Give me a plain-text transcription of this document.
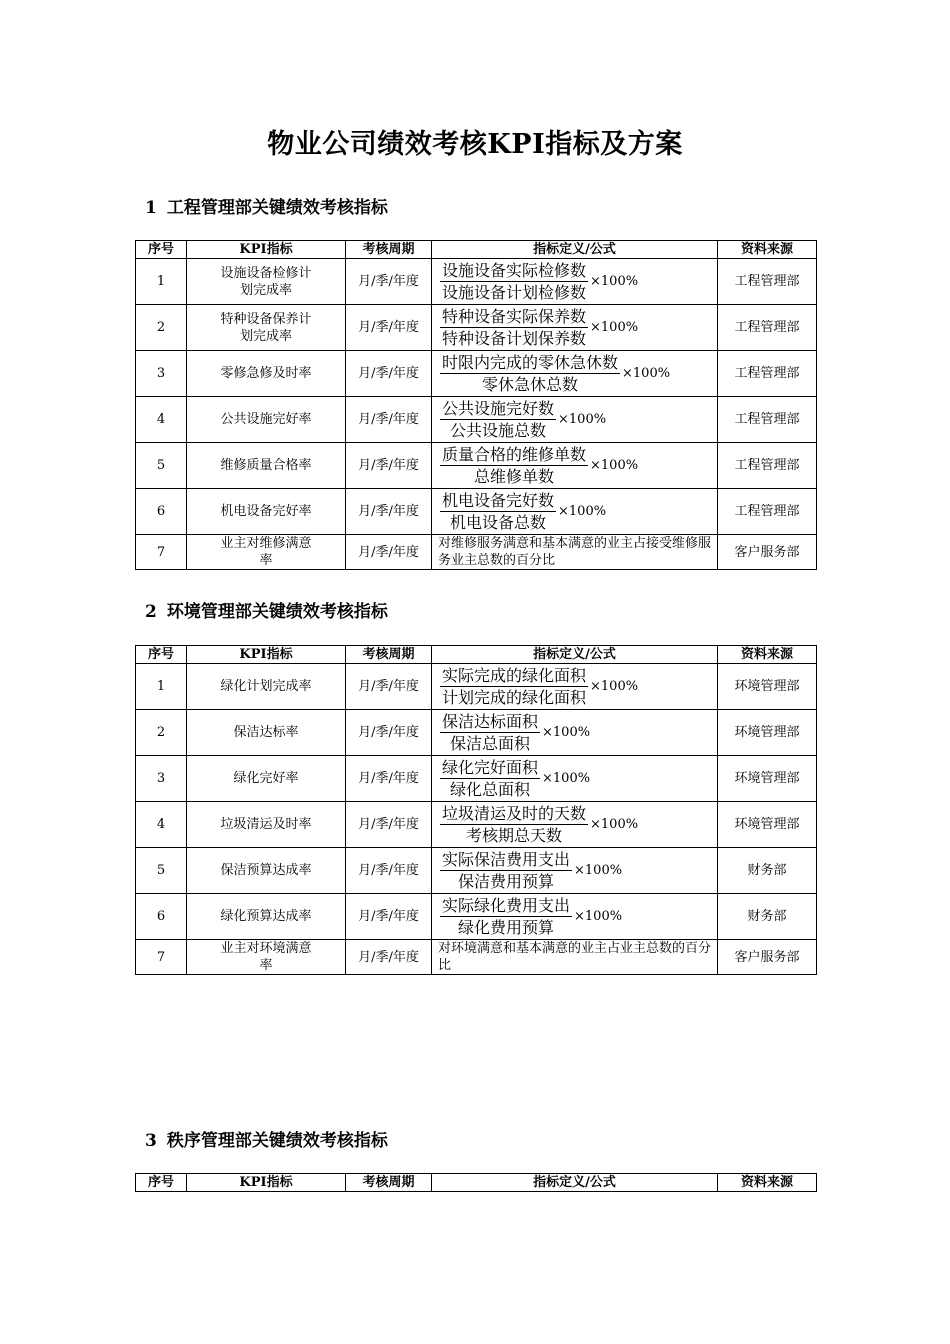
物业公司绩效考核KPI指标及方案
1 工程管理部关键绩效考核指标
序号	KPI指标	考核周期	指标定义/公式	资料来源
1	设施设备检修计划完成率	月/季/年度	$\frac{\text{设施设备实际检修数}}{\text{设施设备计划检修数}} \times 100\%$	工程管理部
2	特种设备保养计划完成率	月/季/年度	$\frac{\text{特种设备实际保养数}}{\text{特种设备计划保养数}} \times 100\%$	工程管理部
3	零修急修及时率	月/季/年度	$\frac{\text{时限内完成的零休急休数}}{\text{零休急休总数}} \times 100\%$	工程管理部
4	公共设施完好率	月/季/年度	$\frac{\text{公共设施完好数}}{\text{公共设施总数}} \times 100\%$	工程管理部
5	维修质量合格率	月/季/年度	$\frac{\text{质量合格的维修单数}}{\text{总维修单数}} \times 100\%$	工程管理部
6	机电设备完好率	月/季/年度	$\frac{\text{机电设备完好数}}{\text{机电设备总数}} \times 100\%$	工程管理部
7	业主对维修满意率	月/季/年度	对维修服务满意和基本满意的业主占接受维修服务业主总数的百分比	客户服务部
2 环境管理部关键绩效考核指标
序号	KPI指标	考核周期	指标定义/公式	资料来源
1	绿化计划完成率	月/季/年度	$\frac{\text{实际完成的绿化面积}}{\text{计划完成的绿化面积}} \times 100\%$	环境管理部
2	保洁达标率	月/季/年度	$\frac{\text{保洁达标面积}}{\text{保洁总面积}} \times 100\%$	环境管理部
3	绿化完好率	月/季/年度	$\frac{\text{绿化完好面积}}{\text{绿化总面积}} \times 100\%$	环境管理部
4	垃圾清运及时率	月/季/年度	$\frac{\text{垃圾清运及时的天数}}{\text{考核期总天数}} \times 100\%$	环境管理部
5	保洁预算达成率	月/季/年度	$\frac{\text{实际保洁费用支出}}{\text{保洁费用预算}} \times 100\%$	财务部
6	绿化预算达成率	月/季/年度	$\frac{\text{实际绿化费用支出}}{\text{绿化费用预算}} \times 100\%$	财务部
7	业主对环境满意率	月/季/年度	对环境满意和基本满意的业主占业主总数的百分比	客户服务部
3 秩序管理部关键绩效考核指标
序号	KPI指标	考核周期	指标定义/公式	资料来源
